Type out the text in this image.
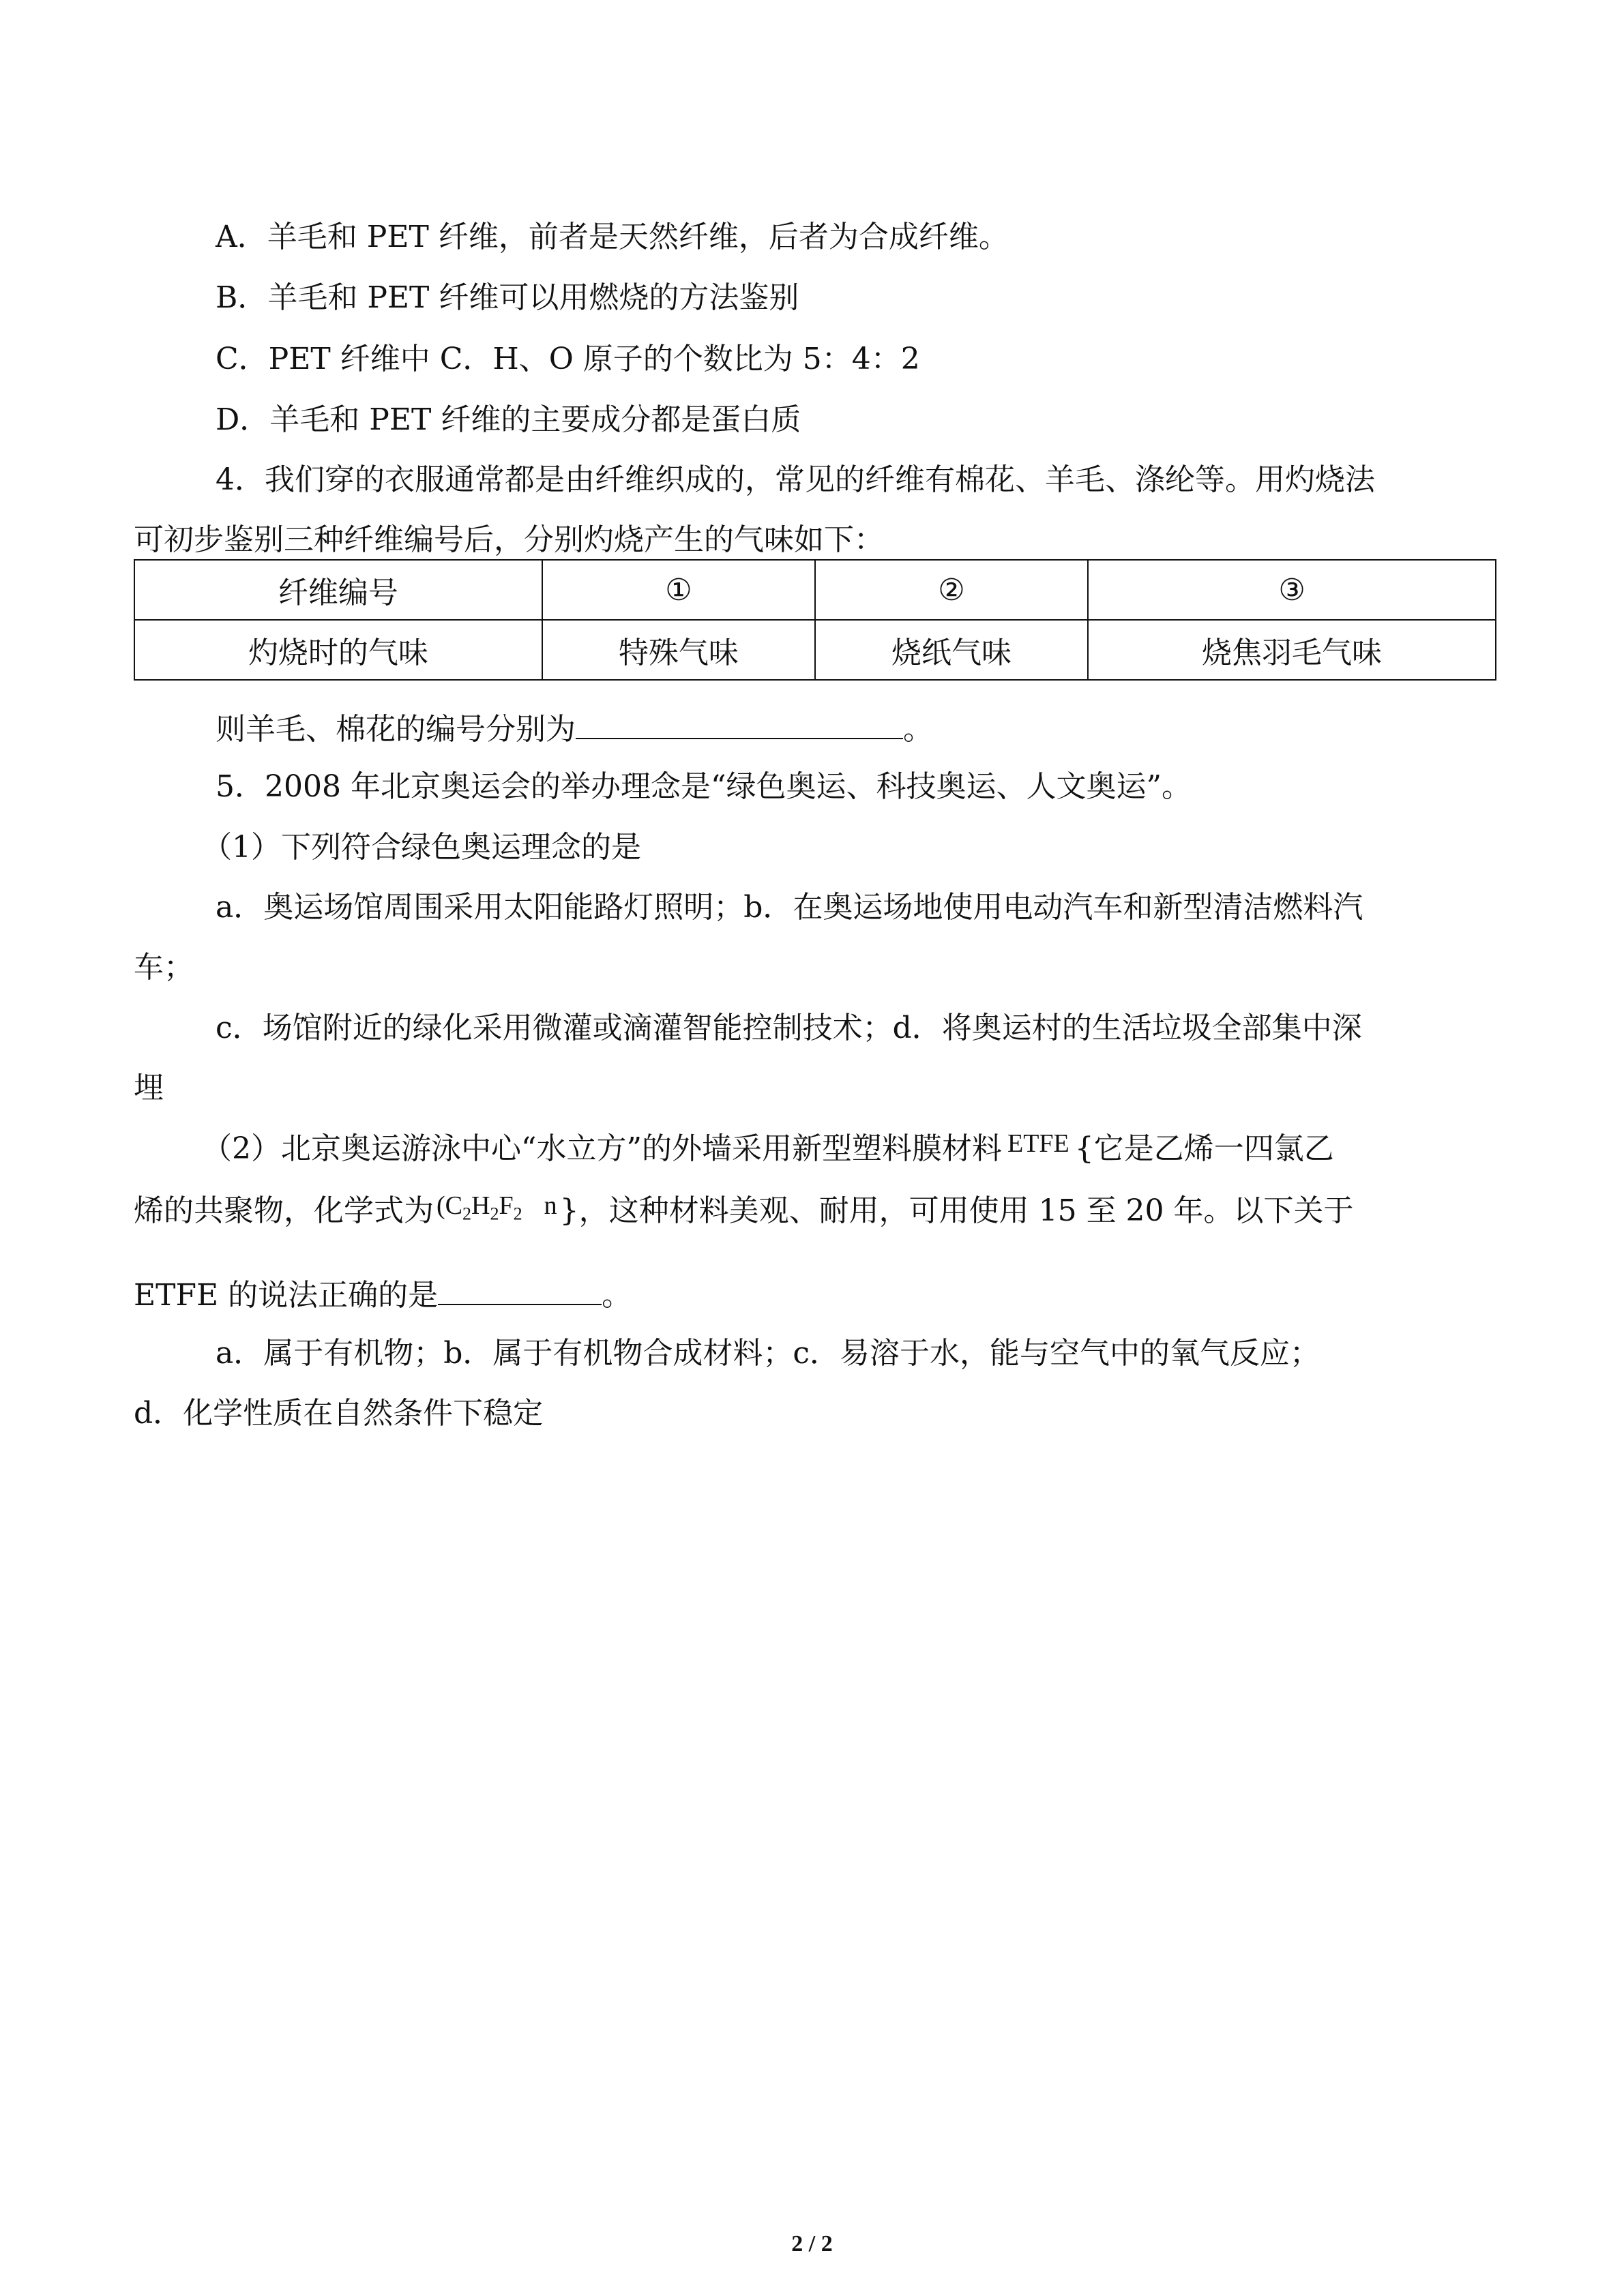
A．羊毛和 PET 纤维，前者是天然纤维，后者为合成纤维。
B．羊毛和 PET 纤维可以用燃烧的方法鉴别
C．PET 纤维中 C．H、O 原子的个数比为 5：4：2
D．羊毛和 PET 纤维的主要成分都是蛋白质
4．我们穿的衣服通常都是由纤维织成的，常见的纤维有棉花、羊毛、涤纶等。用灼烧法
可初步鉴别三种纤维编号后，分别灼烧产生的气味如下：
纤维编号	①	②	③
灼烧时的气味	特殊气味	烧纸气味	烧焦羽毛气味
则羊毛、棉花的编号分别为	。
5．2008 年北京奥运会的举办理念是“绿色奥运、科技奥运、人文奥运”。
（1）下列符合绿色奥运理念的是
a．奥运场馆周围采用太阳能路灯照明；b．在奥运场地使用电动汽车和新型清洁燃料汽
车；
c．场馆附近的绿化采用微灌或滴灌智能控制技术；d．将奥运村的生活垃圾全部集中深
埋
（2）北京奥运游泳中心“水立方”的外墙采用新型塑料膜材料 ETFE {它是乙烯一四氯乙
烯的共聚物，化学式为 ($C_2H_2F_2$ n}，这种材料美观、耐用，可用使用 15 至 20 年。以下关于
ETFE 的说法正确的是	。
a．属于有机物；b．属于有机物合成材料；c．易溶于水，能与空气中的氧气反应；
d．化学性质在自然条件下稳定
2 / 2
